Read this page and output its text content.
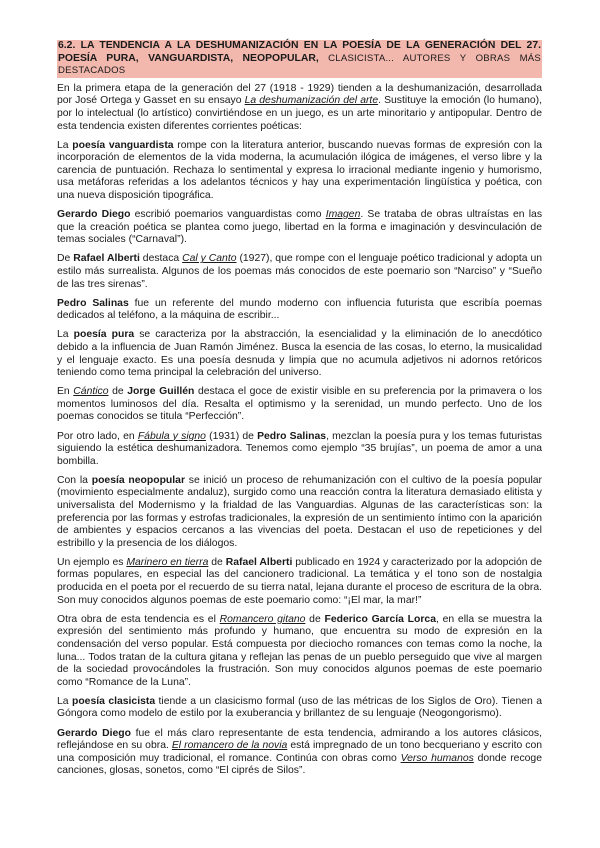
6.2. LA TENDENCIA A LA DESHUMANIZACIÓN EN LA POESÍA DE LA GENERACIÓN DEL 27. POESÍA PURA, VANGUARDISTA, NEOPOPULAR, CLASICISTA... AUTORES Y OBRAS MÁS DESTACADOS

En la primera etapa de la generación del 27 (1918 - 1929) tienden a la deshumanización, desarrollada por José Ortega y Gasset en su ensayo La deshumanización del arte. Sustituye la emoción (lo humano), por lo intelectual (lo artístico) convirtiéndose en un juego, es un arte minoritario y antipopular. Dentro de esta tendencia existen diferentes corrientes poéticas:

La poesía vanguardista rompe con la literatura anterior, buscando nuevas formas de expresión con la incorporación de elementos de la vida moderna, la acumulación ilógica de imágenes, el verso libre y la carencia de puntuación. Rechaza lo sentimental y expresa lo irracional mediante ingenio y humorismo, usa metáforas referidas a los adelantos técnicos y hay una experimentación lingüística y poética, con una nueva disposición tipográfica.

Gerardo Diego escribió poemarios vanguardistas como Imagen. Se trataba de obras ultraístas en las que la creación poética se plantea como juego, libertad en la forma e imaginación y desvinculación de temas sociales (“Carnaval”).

De Rafael Alberti destaca Cal y Canto (1927), que rompe con el lenguaje poético tradicional y adopta un estilo más surrealista. Algunos de los poemas más conocidos de este poemario son “Narciso” y “Sueño de las tres sirenas”.

Pedro Salinas fue un referente del mundo moderno con influencia futurista que escribía poemas dedicados al teléfono, a la máquina de escribir...

La poesía pura se caracteriza por la abstracción, la esencialidad y la eliminación de lo anecdótico debido a la influencia de Juan Ramón Jiménez. Busca la esencia de las cosas, lo eterno, la musicalidad y el lenguaje exacto. Es una poesía desnuda y limpia que no acumula adjetivos ni adornos retóricos teniendo como tema principal la celebración del universo.

En Cántico de Jorge Guillén destaca el goce de existir visible en su preferencia por la primavera o los momentos luminosos del día. Resalta el optimismo y la serenidad, un mundo perfecto. Uno de los poemas conocidos se titula “Perfección”.

Por otro lado, en Fábula y signo (1931) de Pedro Salinas, mezclan la poesía pura y los temas futuristas siguiendo la estética deshumanizadora. Tenemos como ejemplo “35 brujías”, un poema de amor a una bombilla.

Con la poesía neopopular se inició un proceso de rehumanización con el cultivo de la poesía popular (movimiento especialmente andaluz), surgido como una reacción contra la literatura demasiado elitista y universalista del Modernismo y la frialdad de las Vanguardias. Algunas de las características son: la preferencia por las formas y estrofas tradicionales, la expresión de un sentimiento íntimo con la aparición de ambientes y espacios cercanos a las vivencias del poeta. Destacan el uso de repeticiones y del estribillo y la presencia de los diálogos.

Un ejemplo es Marinero en tierra de Rafael Alberti publicado en 1924 y caracterizado por la adopción de formas populares, en especial las del cancionero tradicional. La temática y el tono son de nostalgia producida en el poeta por el recuerdo de su tierra natal, lejana durante el proceso de escritura de la obra. Son muy conocidos algunos poemas de este poemario como: “¡El mar, la mar!”

Otra obra de esta tendencia es el Romancero gitano de Federico García Lorca, en ella se muestra la expresión del sentimiento más profundo y humano, que encuentra su modo de expresión en la condensación del verso popular. Está compuesta por dieciocho romances con temas como la noche, la luna... Todos tratan de la cultura gitana y reflejan las penas de un pueblo perseguido que vive al margen de la sociedad provocándoles la frustración. Son muy conocidos algunos poemas de este poemario como “Romance de la Luna”.

La poesía clasicista tiende a un clasicismo formal (uso de las métricas de los Siglos de Oro). Tienen a Góngora como modelo de estilo por la exuberancia y brillantez de su lenguaje (Neogongorismo).

Gerardo Diego fue el más claro representante de esta tendencia, admirando a los autores clásicos, reflejándose en su obra. El romancero de la novia está impregnado de un tono becqueriano y escrito con una composición muy tradicional, el romance. Continúa con obras como Verso humanos donde recoge canciones, glosas, sonetos, como “El ciprés de Silos”.
